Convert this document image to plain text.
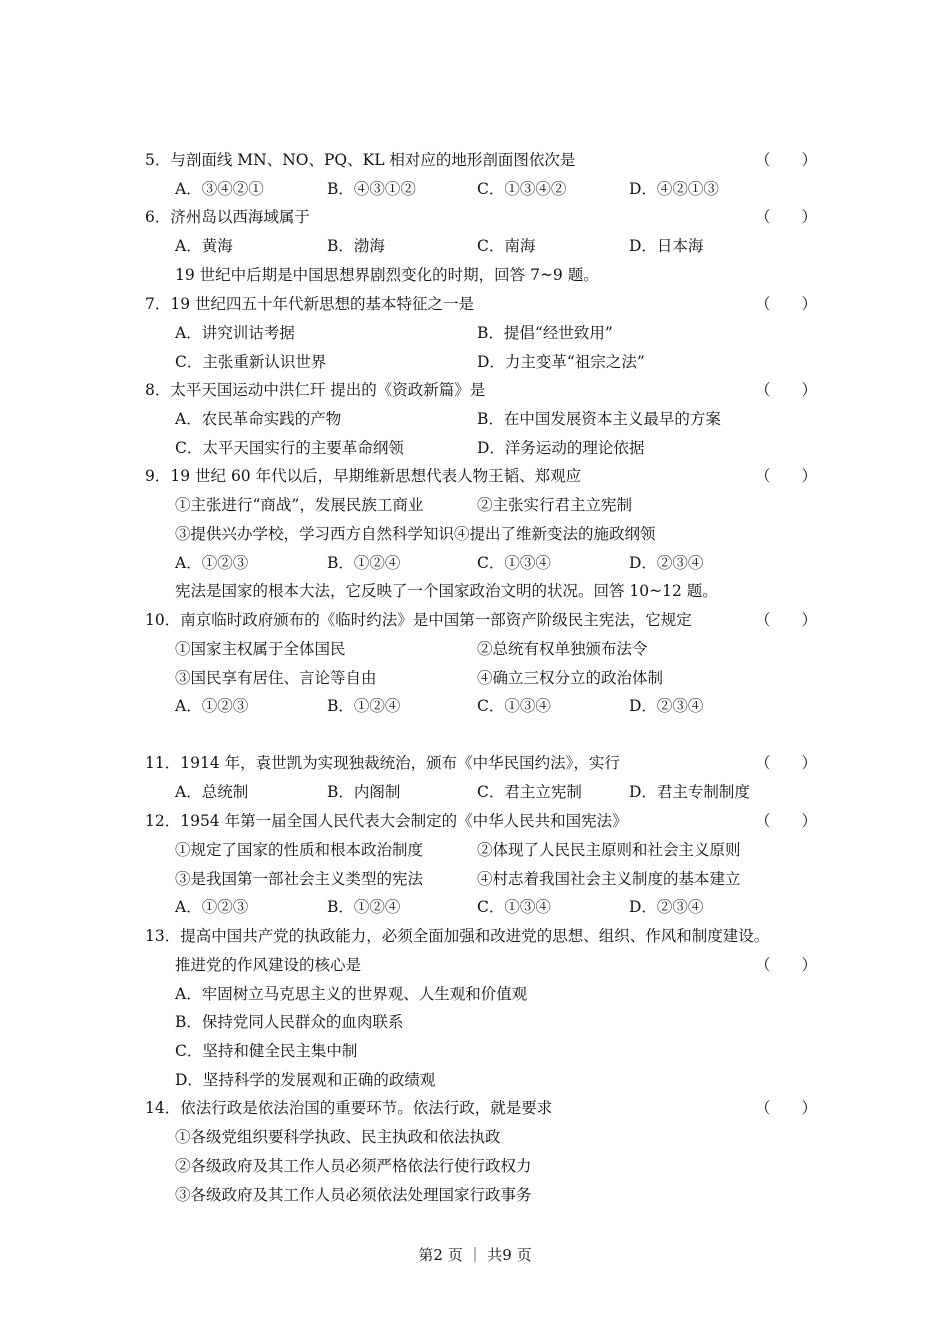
5．与剖面线 MN、NO、PQ、KL 相对应的地形剖面图依次是	（　　）
A．③④②①	B．④③①②	C．①③④②	D．④②①③
6．济州岛以西海域属于	（　　）
A．黄海	B．渤海	C．南海	D．日本海
19 世纪中后期是中国思想界剧烈变化的时期，回答 7~9 题。
7．19 世纪四五十年代新思想的基本特征之一是	（　　）
A．讲究训诂考据	B．提倡“经世致用”
C．主张重新认识世界	D．力主变革“祖宗之法”
8．太平天国运动中洪仁玕 提出的《资政新篇》是	（　　）
A．农民革命实践的产物	B．在中国发展资本主义最早的方案
C．太平天国实行的主要革命纲领	D．洋务运动的理论依据
9．19 世纪 60 年代以后，早期维新思想代表人物王韬、郑观应	（　　）
①主张进行“商战”，发展民族工商业	②主张实行君主立宪制
③提供兴办学校，学习西方自然科学知识④提出了维新变法的施政纲领
A．①②③	B．①②④	C．①③④	D．②③④
宪法是国家的根本大法，它反映了一个国家政治文明的状况。回答 10~12 题。
10．南京临时政府颁布的《临时约法》是中国第一部资产阶级民主宪法，它规定	（　　）
①国家主权属于全体国民	②总统有权单独颁布法令
③国民享有居住、言论等自由	④确立三权分立的政治体制
A．①②③	B．①②④	C．①③④	D．②③④
11．1914 年，袁世凯为实现独裁统治，颁布《中华民国约法》，实行	（　　）
A．总统制	B．内阁制	C．君主立宪制	D．君主专制制度
12．1954 年第一届全国人民代表大会制定的《中华人民共和国宪法》	（　　）
①规定了国家的性质和根本政治制度	②体现了人民民主原则和社会主义原则
③是我国第一部社会主义类型的宪法	④村志着我国社会主义制度的基本建立
A．①②③	B．①②④	C．①③④	D．②③④
13．提高中国共产党的执政能力，必须全面加强和改进党的思想、组织、作风和制度建设。
推进党的作风建设的核心是	（　　）
A．牢固树立马克思主义的世界观、人生观和价值观
B．保持党同人民群众的血肉联系
C．坚持和健全民主集中制
D．坚持科学的发展观和正确的政绩观
14．依法行政是依法治国的重要环节。依法行政，就是要求	（　　）
①各级党组织要科学执政、民主执政和依法执政
②各级政府及其工作人员必须严格依法行使行政权力
③各级政府及其工作人员必须依法处理国家行政事务
第2 页 ｜ 共9 页
